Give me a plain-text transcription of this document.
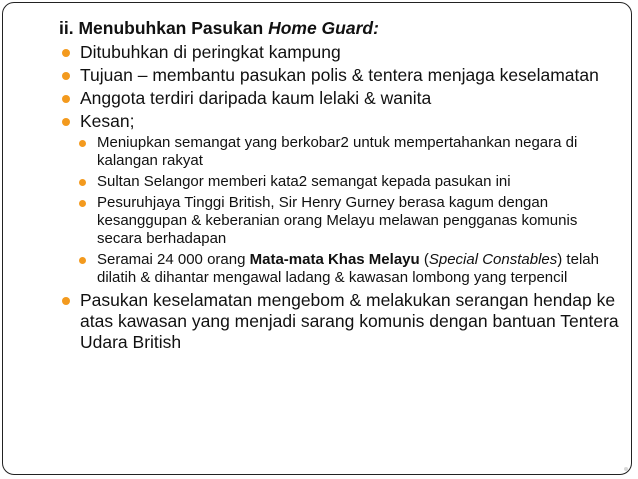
ii. Menubuhkan Pasukan Home Guard:
Ditubuhkan di peringkat kampung
Tujuan – membantu pasukan polis & tentera menjaga keselamatan
Anggota terdiri daripada kaum lelaki & wanita
Kesan;
Meniupkan semangat yang berkobar2 untuk mempertahankan negara di kalangan rakyat
Sultan Selangor memberi kata2 semangat kepada pasukan ini
Pesuruhjaya Tinggi British, Sir Henry Gurney berasa kagum dengan kesanggupan & keberanian orang Melayu melawan pengganas komunis secara berhadapan
Seramai 24 000 orang Mata-mata Khas Melayu (Special Constables) telah dilatih & dihantar mengawal ladang & kawasan lombong yang terpencil
Pasukan keselamatan mengebom & melakukan serangan hendap ke atas kawasan yang menjadi sarang komunis dengan bantuan Tentera Udara British
